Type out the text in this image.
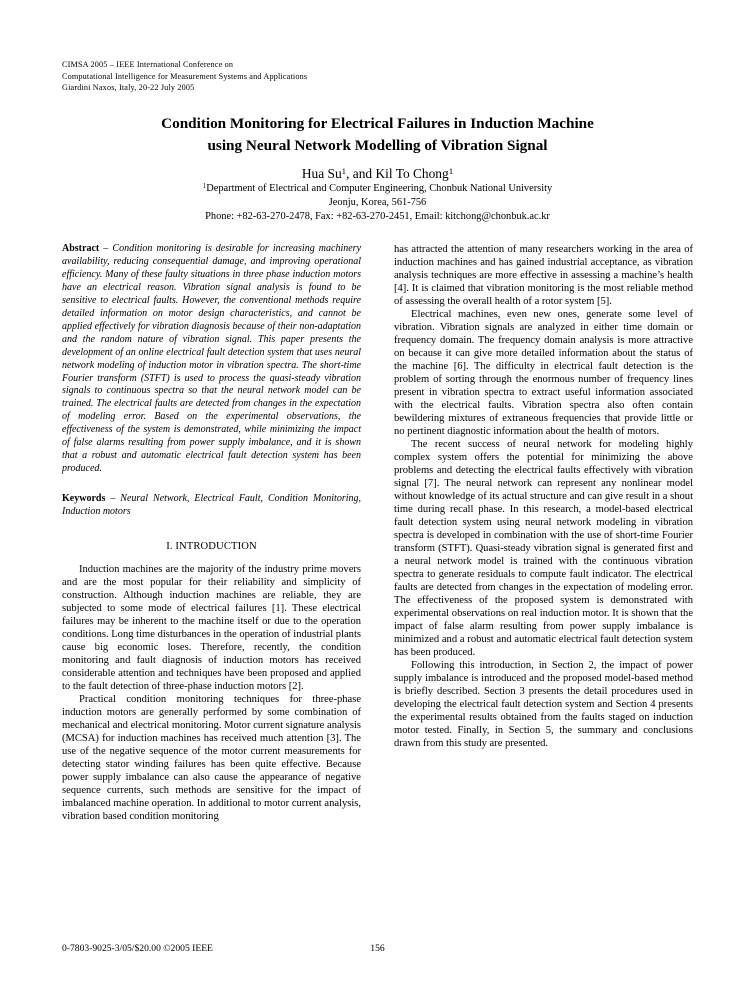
CIMSA 2005 – IEEE International Conference on
Computational Intelligence for Measurement Systems and Applications
Giardini Naxos, Italy, 20-22 July 2005
Condition Monitoring for Electrical Failures in Induction Machine
using Neural Network Modelling of Vibration Signal
Hua Su$^1$, and Kil To Chong$^1$
$^1$Department of Electrical and Computer Engineering, Chonbuk National University
Jeonju, Korea, 561-756
Phone: +82-63-270-2478, Fax: +82-63-270-2451, Email: kitchong@chonbuk.ac.kr

Abstract – Condition monitoring is desirable for increasing machinery availability, reducing consequential damage, and improving operational efficiency. Many of these faulty situations in three phase induction motors have an electrical reason. Vibration signal analysis is found to be sensitive to electrical faults. However, the conventional methods require detailed information on motor design characteristics, and cannot be applied effectively for vibration diagnosis because of their non-adaptation and the random nature of vibration signal. This paper presents the development of an online electrical fault detection system that uses neural network modeling of induction motor in vibration spectra. The short-time Fourier transform (STFT) is used to process the quasi-steady vibration signals to continuous spectra so that the neural network model can be trained. The electrical faults are detected from changes in the expectation of modeling error. Based on the experimental observations, the effectiveness of the system is demonstrated, while minimizing the impact of false alarms resulting from power supply imbalance, and it is shown that a robust and automatic electrical fault detection system has been produced.

Keywords – Neural Network, Electrical Fault, Condition Monitoring, Induction motors

I. INTRODUCTION

Induction machines are the majority of the industry prime movers and are the most popular for their reliability and simplicity of construction. Although induction machines are reliable, they are subjected to some mode of electrical failures [1]. These electrical failures may be inherent to the machine itself or due to the operation conditions. Long time disturbances in the operation of industrial plants cause big economic loses. Therefore, recently, the condition monitoring and fault diagnosis of induction motors has received considerable attention and techniques have been proposed and applied to the fault detection of three-phase induction motors [2].

Practical condition monitoring techniques for three-phase induction motors are generally performed by some combination of mechanical and electrical monitoring. Motor current signature analysis (MCSA) for induction machines has received much attention [3]. The use of the negative sequence of the motor current measurements for detecting stator winding failures has been quite effective. Because power supply imbalance can also cause the appearance of negative sequence currents, such methods are sensitive for the impact of imbalanced machine operation. In additional to motor current analysis, vibration based condition monitoring

has attracted the attention of many researchers working in the area of induction machines and has gained industrial acceptance, as vibration analysis techniques are more effective in assessing a machine’s health [4]. It is claimed that vibration monitoring is the most reliable method of assessing the overall health of a rotor system [5].

Electrical machines, even new ones, generate some level of vibration. Vibration signals are analyzed in either time domain or frequency domain. The frequency domain analysis is more attractive on because it can give more detailed information about the status of the machine [6]. The difficulty in electrical fault detection is the problem of sorting through the enormous number of frequency lines present in vibration spectra to extract useful information associated with the electrical faults. Vibration spectra also often contain bewildering mixtures of extraneous frequencies that provide little or no pertinent diagnostic information about the health of motors.

The recent success of neural network for modeling highly complex system offers the potential for minimizing the above problems and detecting the electrical faults effectively with vibration signal [7]. The neural network can represent any nonlinear model without knowledge of its actual structure and can give result in a shout time during recall phase. In this research, a model-based electrical fault detection system using neural network modeling in vibration spectra is developed in combination with the use of short-time Fourier transform (STFT). Quasi-steady vibration signal is generated first and a neural network model is trained with the continuous vibration spectra to generate residuals to compute fault indicator. The electrical faults are detected from changes in the expectation of modeling error. The effectiveness of the proposed system is demonstrated with experimental observations on real induction motor. It is shown that the impact of false alarm resulting from power supply imbalance is minimized and a robust and automatic electrical fault detection system has been produced.

Following this introduction, in Section 2, the impact of power supply imbalance is introduced and the proposed model-based method is briefly described. Section 3 presents the detail procedures used in developing the electrical fault detection system and Section 4 presents the experimental results obtained from the faults staged on induction motor tested. Finally, in Section 5, the summary and conclusions drawn from this study are presented.

0-7803-9025-3/05/$20.00 ©2005 IEEE	156
